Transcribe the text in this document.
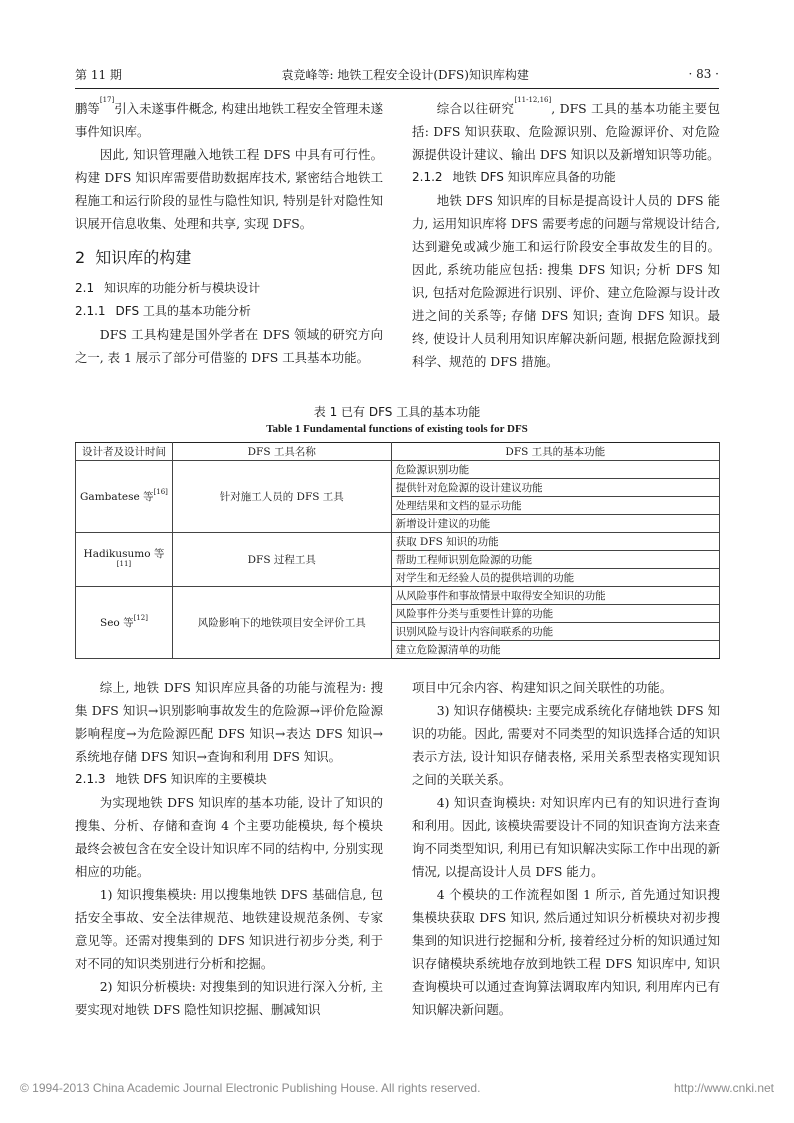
第 11 期	袁竞峰等: 地铁工程安全设计(DFS)知识库构建	· 83 ·

鹏等[17]引入未遂事件概念, 构建出地铁工程安全管理未遂事件知识库。

因此, 知识管理融入地铁工程 DFS 中具有可行性。构建 DFS 知识库需要借助数据库技术, 紧密结合地铁工程施工和运行阶段的显性与隐性知识, 特别是针对隐性知识展开信息收集、处理和共享, 实现 DFS。

2 知识库的构建

2.1 知识库的功能分析与模块设计

2.1.1 DFS 工具的基本功能分析

DFS 工具构建是国外学者在 DFS 领域的研究方向之一, 表 1 展示了部分可借鉴的 DFS 工具基本功能。

综合以往研究[11-12,16], DFS 工具的基本功能主要包括: DFS 知识获取、危险源识别、危险源评价、对危险源提供设计建议、输出 DFS 知识以及新增知识等功能。

2.1.2 地铁 DFS 知识库应具备的功能

地铁 DFS 知识库的目标是提高设计人员的 DFS 能力, 运用知识库将 DFS 需要考虑的问题与常规设计结合, 达到避免或减少施工和运行阶段安全事故发生的目的。因此, 系统功能应包括: 搜集 DFS 知识; 分析 DFS 知识, 包括对危险源进行识别、评价、建立危险源与设计改进之间的关系等; 存储 DFS 知识; 查询 DFS 知识。最终, 使设计人员利用知识库解决新问题, 根据危险源找到科学、规范的 DFS 措施。

表 1 已有 DFS 工具的基本功能
Table 1 Fundamental functions of existing tools for DFS
设计者及设计时间	DFS 工具名称	DFS 工具的基本功能
Gambatese 等[16]	针对施工人员的 DFS 工具	危险源识别功能
		提供针对危险源的设计建议功能
		处理结果和文档的显示功能
		新增设计建议的功能
Hadikusumo 等[11]	DFS 过程工具	获取 DFS 知识的功能
		帮助工程师识别危险源的功能
		对学生和无经验人员的提供培训的功能
Seo 等[12]	风险影响下的地铁项目安全评价工具	从风险事件和事故情景中取得安全知识的功能
		风险事件分类与重要性计算的功能
		识别风险与设计内容间联系的功能
		建立危险源清单的功能

综上, 地铁 DFS 知识库应具备的功能与流程为: 搜集 DFS 知识→识别影响事故发生的危险源→评价危险源影响程度→为危险源匹配 DFS 知识→表达 DFS 知识→系统地存储 DFS 知识→查询和利用 DFS 知识。

2.1.3 地铁 DFS 知识库的主要模块

为实现地铁 DFS 知识库的基本功能, 设计了知识的搜集、分析、存储和查询 4 个主要功能模块, 每个模块最终会被包含在安全设计知识库不同的结构中, 分别实现相应的功能。

1) 知识搜集模块: 用以搜集地铁 DFS 基础信息, 包括安全事故、安全法律规范、地铁建设规范条例、专家意见等。还需对搜集到的 DFS 知识进行初步分类, 利于对不同的知识类别进行分析和挖掘。

2) 知识分析模块: 对搜集到的知识进行深入分析, 主要实现对地铁 DFS 隐性知识挖掘、删减知识

项目中冗余内容、构建知识之间关联性的功能。

3) 知识存储模块: 主要完成系统化存储地铁 DFS 知识的功能。因此, 需要对不同类型的知识选择合适的知识表示方法, 设计知识存储表格, 采用关系型表格实现知识之间的关联关系。

4) 知识查询模块: 对知识库内已有的知识进行查询和利用。因此, 该模块需要设计不同的知识查询方法来查询不同类型知识, 利用已有知识解决实际工作中出现的新情况, 以提高设计人员 DFS 能力。

4 个模块的工作流程如图 1 所示, 首先通过知识搜集模块获取 DFS 知识, 然后通过知识分析模块对初步搜集到的知识进行挖掘和分析, 接着经过分析的知识通过知识存储模块系统地存放到地铁工程 DFS 知识库中, 知识查询模块可以通过查询算法调取库内知识, 利用库内已有知识解决新问题。

© 1994-2013 China Academic Journal Electronic Publishing House. All rights reserved.	http://www.cnki.net
